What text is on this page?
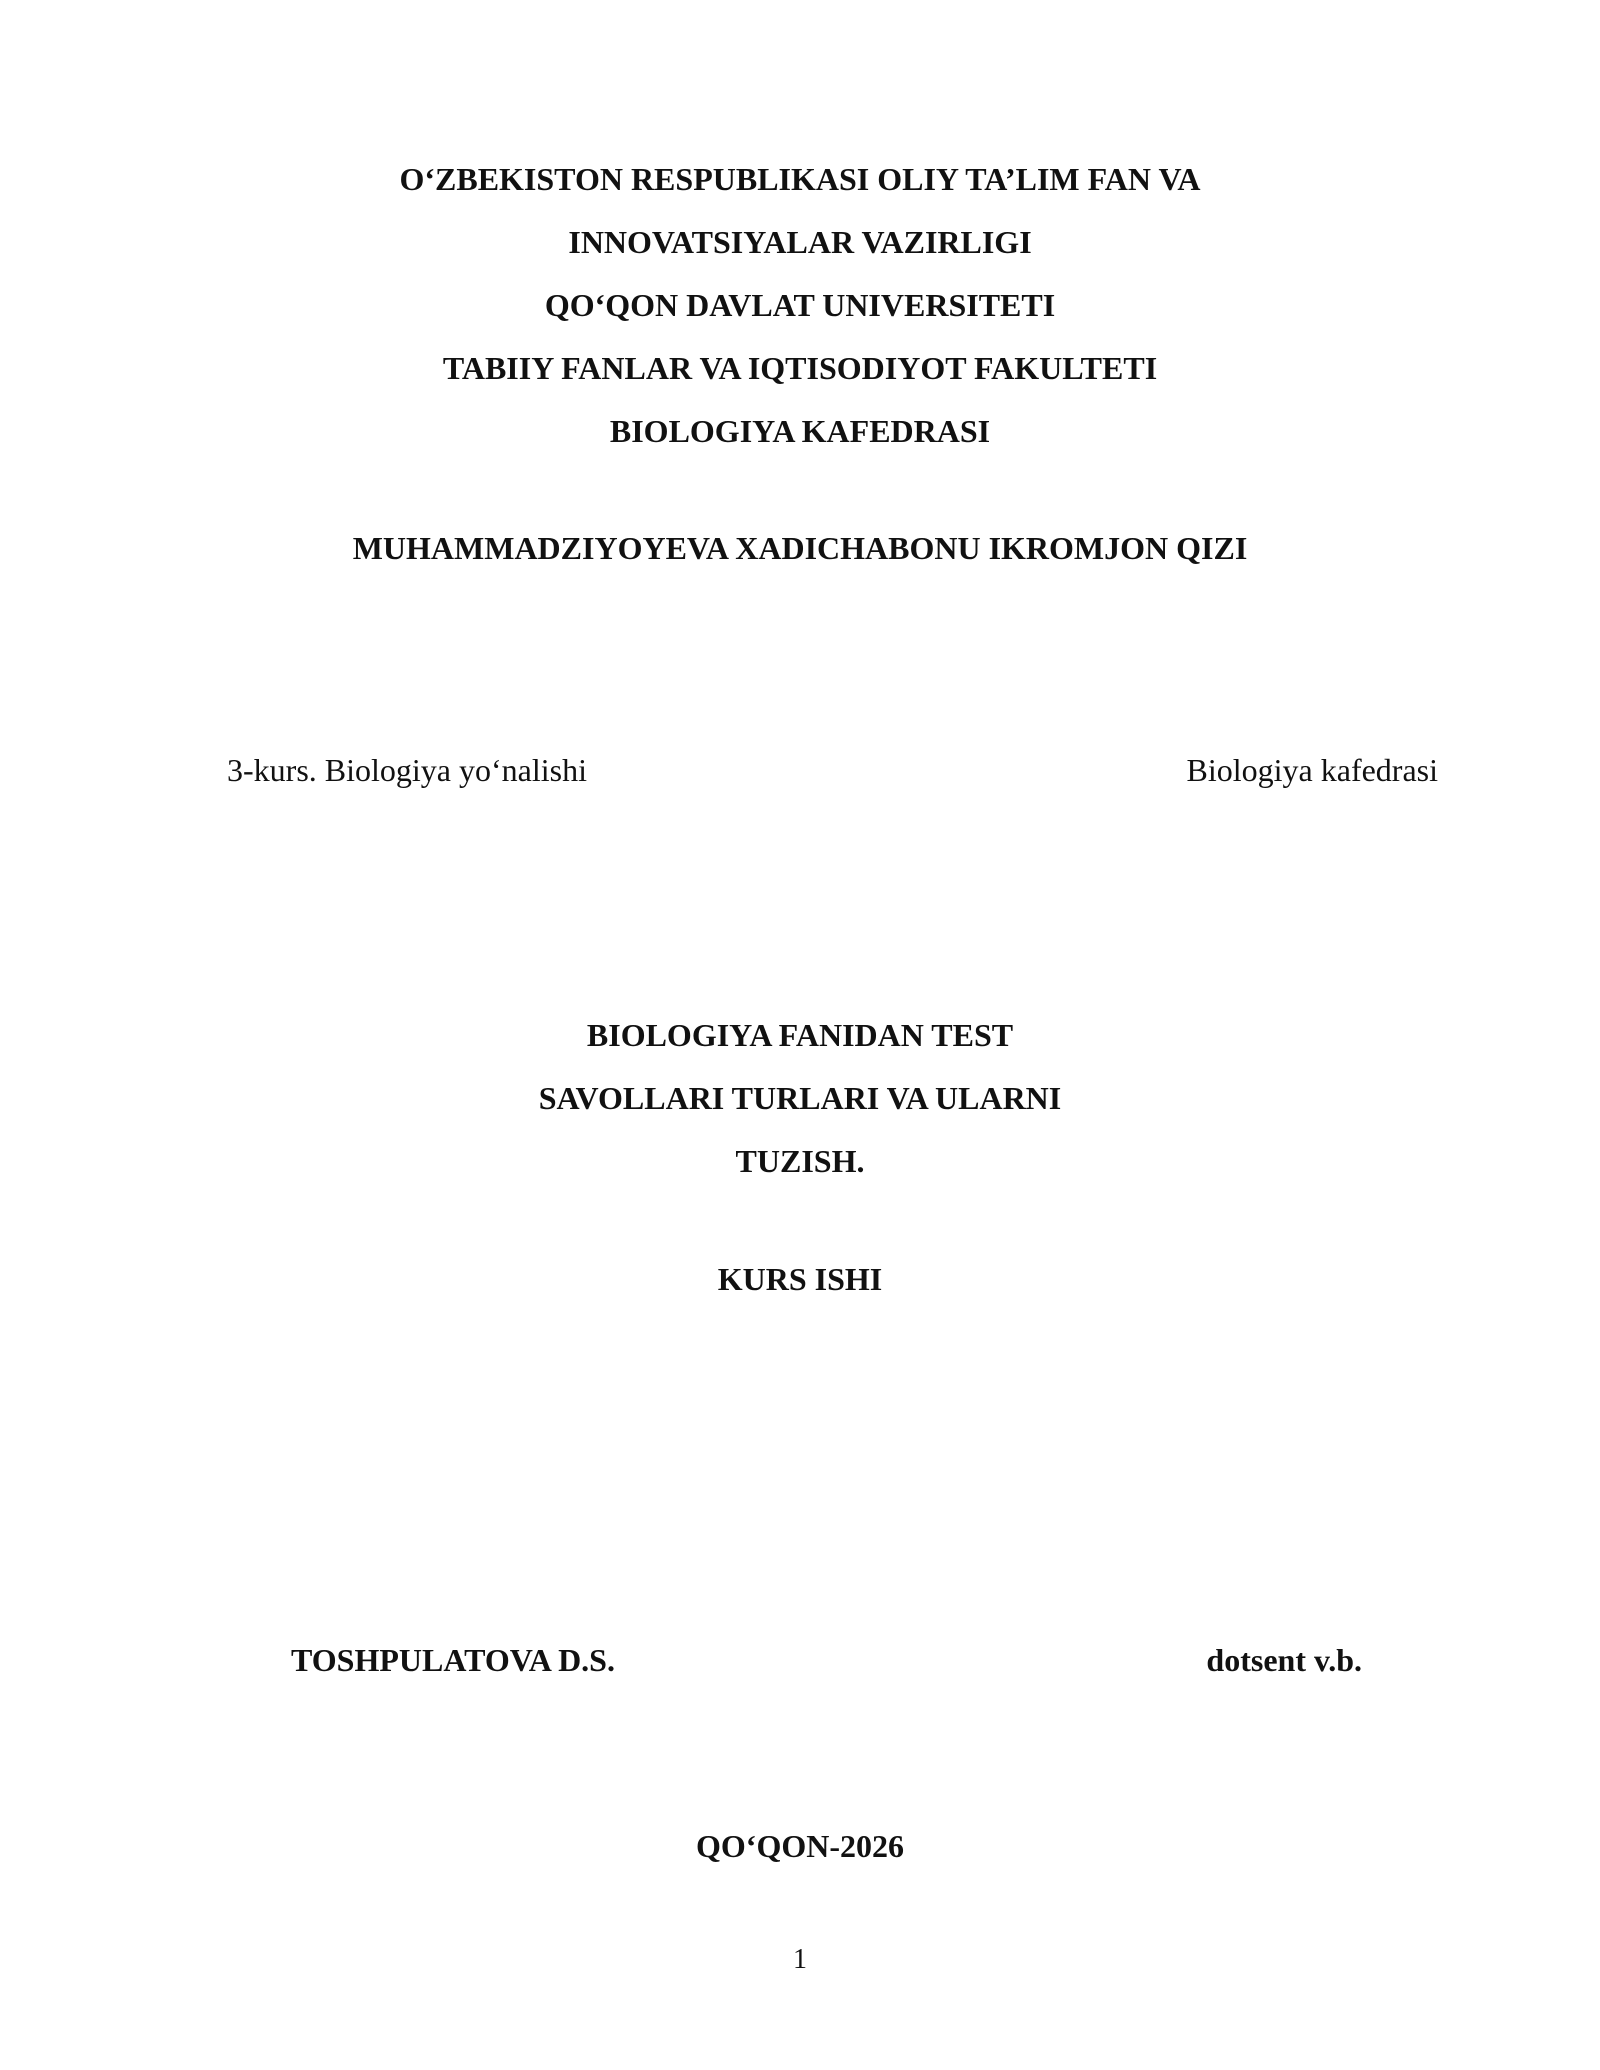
O‘ZBEKISTON RESPUBLIKASI OLIY TA’LIM FAN VA
INNOVATSIYALAR VAZIRLIGI
QO‘QON DAVLAT UNIVERSITETI
TABIIY FANLAR VA IQTISODIYOT FAKULTETI
BIOLOGIYA KAFEDRASI
MUHAMMADZIYOYEVA XADICHABONU IKROMJON QIZI
3-kurs. Biologiya yo‘nalishi	Biologiya kafedrasi
BIOLOGIYA FANIDAN TEST
SAVOLLARI TURLARI VA ULARNI
TUZISH.
KURS ISHI
TOSHPULATOVA D.S.	dotsent v.b.
QO‘QON-2026
1
